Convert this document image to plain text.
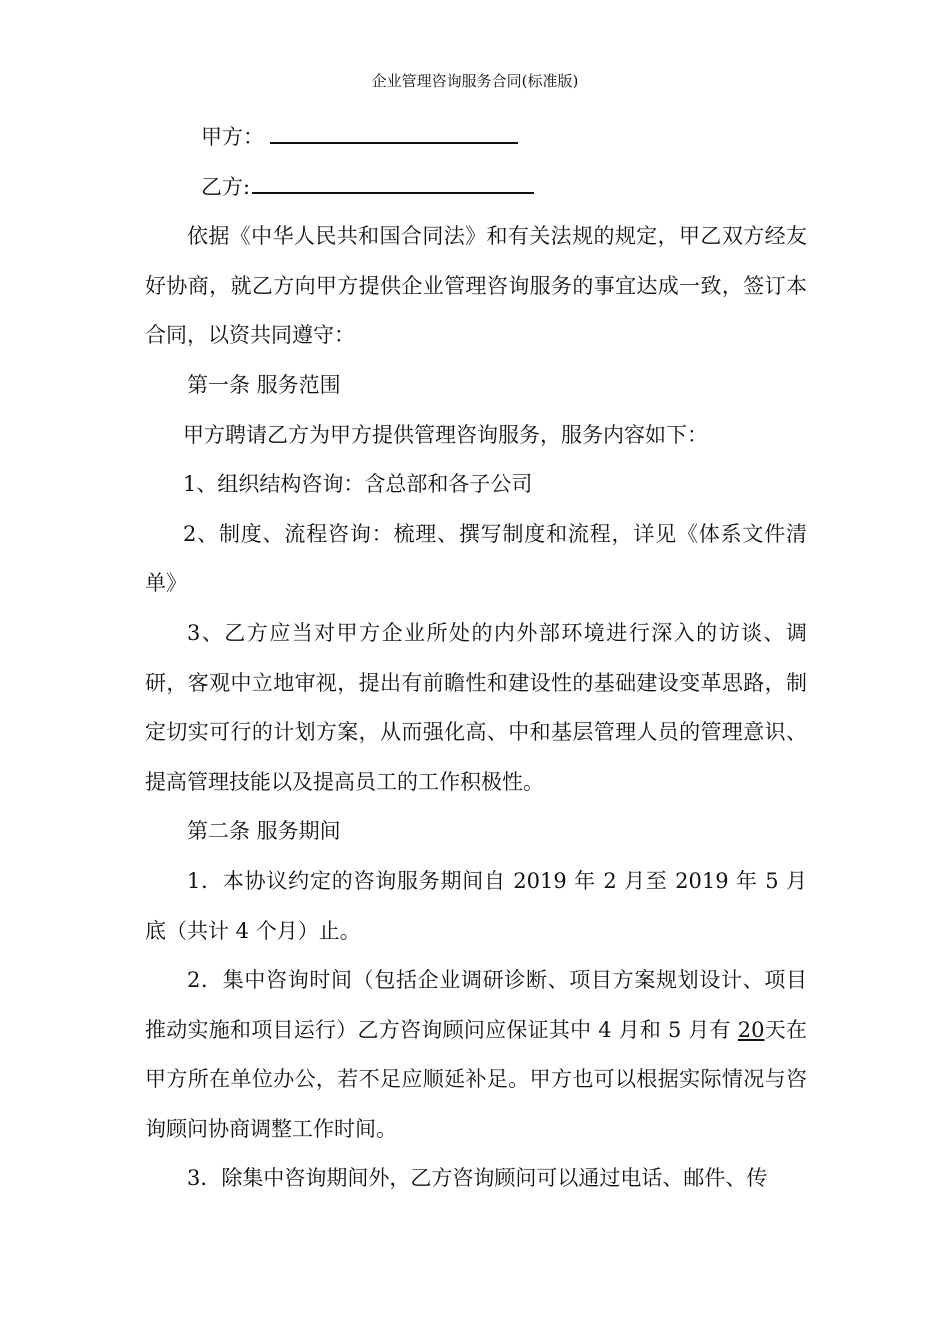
企业管理咨询服务合同(标准版)

甲方：

乙方:

依据《中华人民共和国合同法》和有关法规的规定，甲乙双方经友好协商，就乙方向甲方提供企业管理咨询服务的事宜达成一致，签订本合同，以资共同遵守：

第一条 服务范围

甲方聘请乙方为甲方提供管理咨询服务，服务内容如下：

1、组织结构咨询：含总部和各子公司

2、制度、流程咨询：梳理、撰写制度和流程，详见《体系文件清单》

3、乙方应当对甲方企业所处的内外部环境进行深入的访谈、调研，客观中立地审视，提出有前瞻性和建设性的基础建设变革思路，制定切实可行的计划方案，从而强化高、中和基层管理人员的管理意识、提高管理技能以及提高员工的工作积极性。

第二条 服务期间

1．本协议约定的咨询服务期间自 2019 年 2 月至 2019 年 5 月底（共计 4 个月）止。

2．集中咨询时间（包括企业调研诊断、项目方案规划设计、项目推动实施和项目运行）乙方咨询顾问应保证其中 4 月和 5 月有 20天在甲方所在单位办公，若不足应顺延补足。甲方也可以根据实际情况与咨询顾问协商调整工作时间。

3．除集中咨询期间外，乙方咨询顾问可以通过电话、邮件、传
